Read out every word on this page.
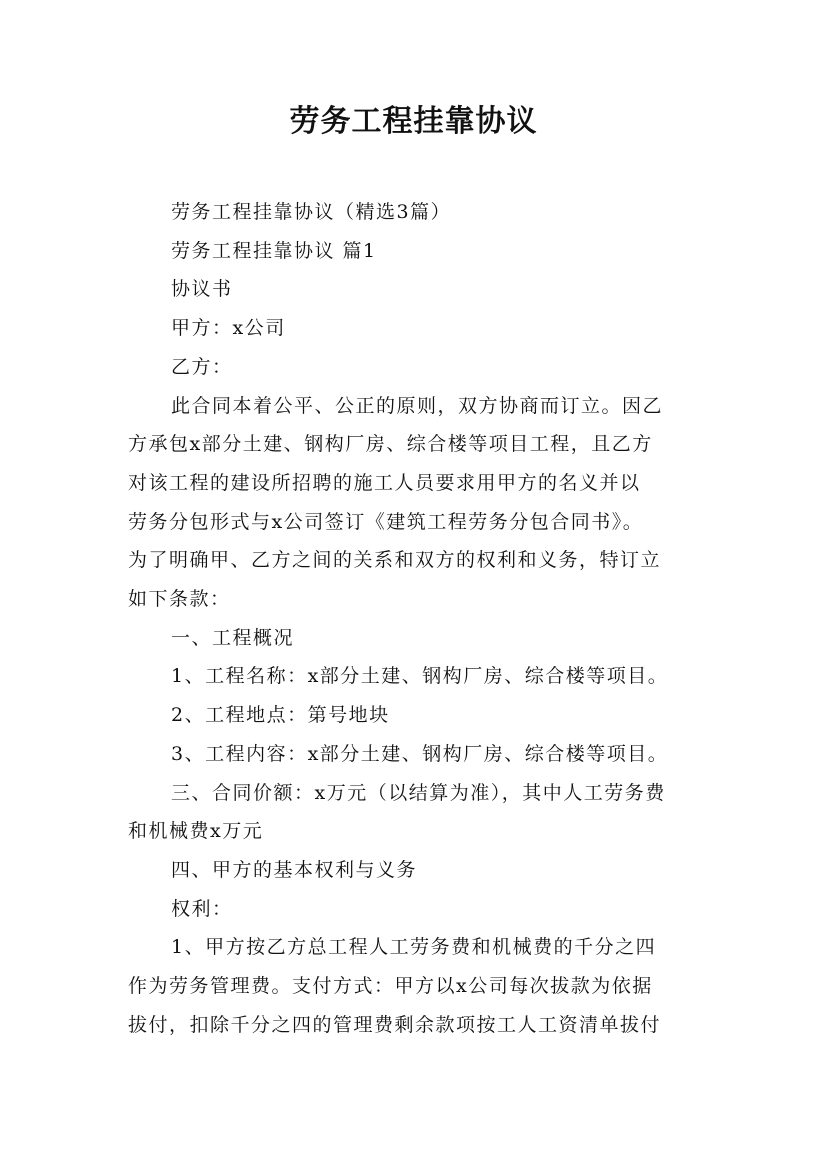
劳务工程挂靠协议

劳务工程挂靠协议（精选3篇）

劳务工程挂靠协议 篇1

协议书

甲方：x公司

乙方：

此合同本着公平、公正的原则，双方协商而订立。因乙

方承包x部分土建、钢构厂房、综合楼等项目工程，且乙方

对该工程的建设所招聘的施工人员要求用甲方的名义并以

劳务分包形式与x公司签订《建筑工程劳务分包合同书》。

为了明确甲、乙方之间的关系和双方的权利和义务，特订立

如下条款：

一、工程概况

1、工程名称：x部分土建、钢构厂房、综合楼等项目。

2、工程地点：第号地块

3、工程内容：x部分土建、钢构厂房、综合楼等项目。

三、合同价额：x万元（以结算为准），其中人工劳务费

和机械费x万元

四、甲方的基本权利与义务

权利：

1、甲方按乙方总工程人工劳务费和机械费的千分之四

作为劳务管理费。支付方式：甲方以x公司每次拔款为依据

拔付，扣除千分之四的管理费剩余款项按工人工资清单拔付
